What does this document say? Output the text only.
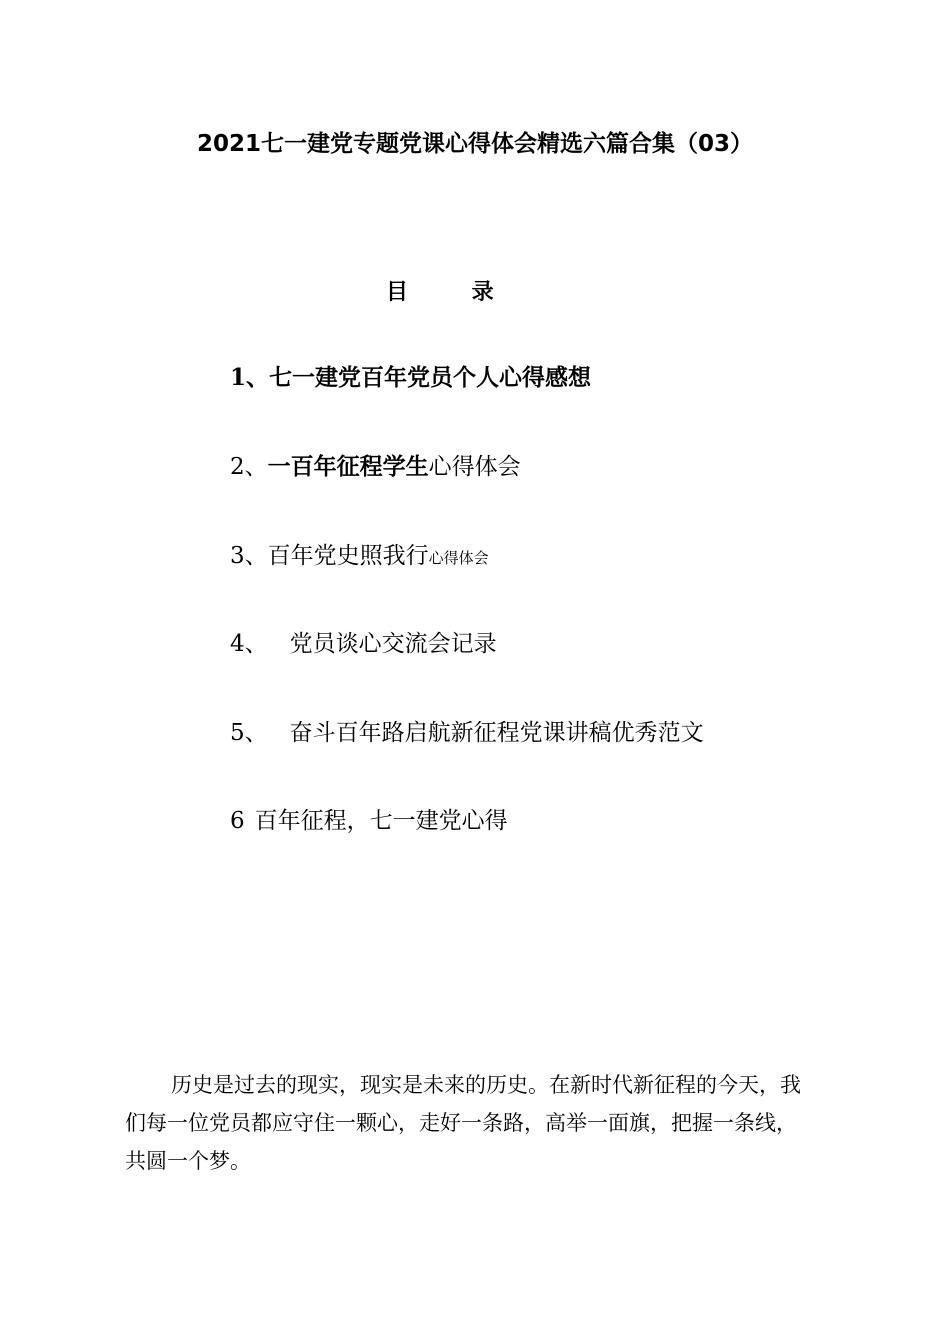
2021七一建党专题党课心得体会精选六篇合集（03）
目 录
1、七一建党百年党员个人心得感想
2、一百年征程学生心得体会
3、百年党史照我行心得体会
4、 党员谈心交流会记录
5、 奋斗百年路启航新征程党课讲稿优秀范文
6 百年征程，七一建党心得
历史是过去的现实，现实是未来的历史。在新时代新征程的今天，我
们每一位党员都应守住一颗心，走好一条路，高举一面旗，把握一条线，
共圆一个梦。
